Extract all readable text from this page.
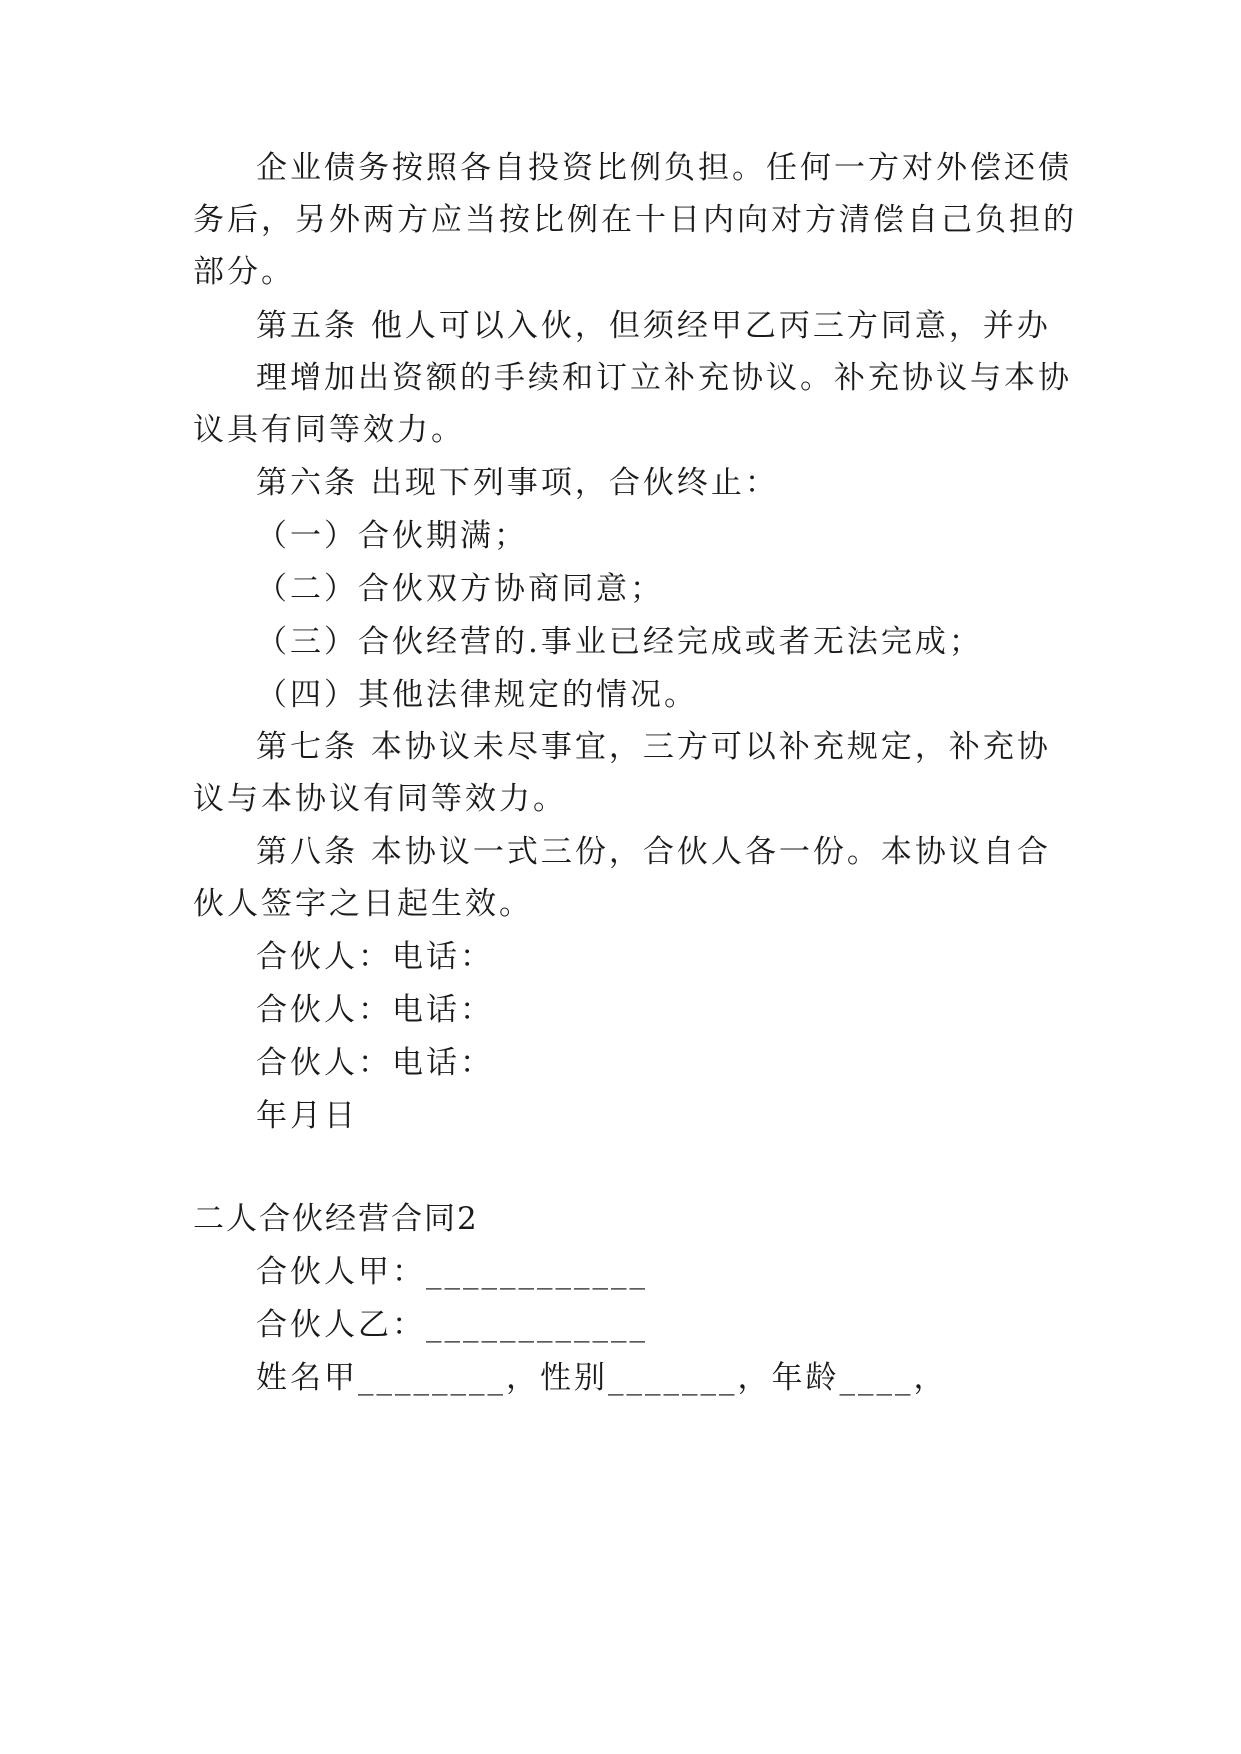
企业债务按照各自投资比例负担。任何一方对外偿还债
务后，另外两方应当按比例在十日内向对方清偿自己负担的
部分。
第五条 他人可以入伙，但须经甲乙丙三方同意，并办
理增加出资额的手续和订立补充协议。补充协议与本协
议具有同等效力。
第六条 出现下列事项，合伙终止：
（一）合伙期满；
（二）合伙双方协商同意；
（三）合伙经营的.事业已经完成或者无法完成；
（四）其他法律规定的情况。
第七条 本协议未尽事宜，三方可以补充规定，补充协
议与本协议有同等效力。
第八条 本协议一式三份，合伙人各一份。本协议自合
伙人签字之日起生效。
合伙人：电话：
合伙人：电话：
合伙人：电话：
年月日
二人合伙经营合同2
合伙人甲：____________
合伙人乙：____________
姓名甲________，性别_______，年龄____，
